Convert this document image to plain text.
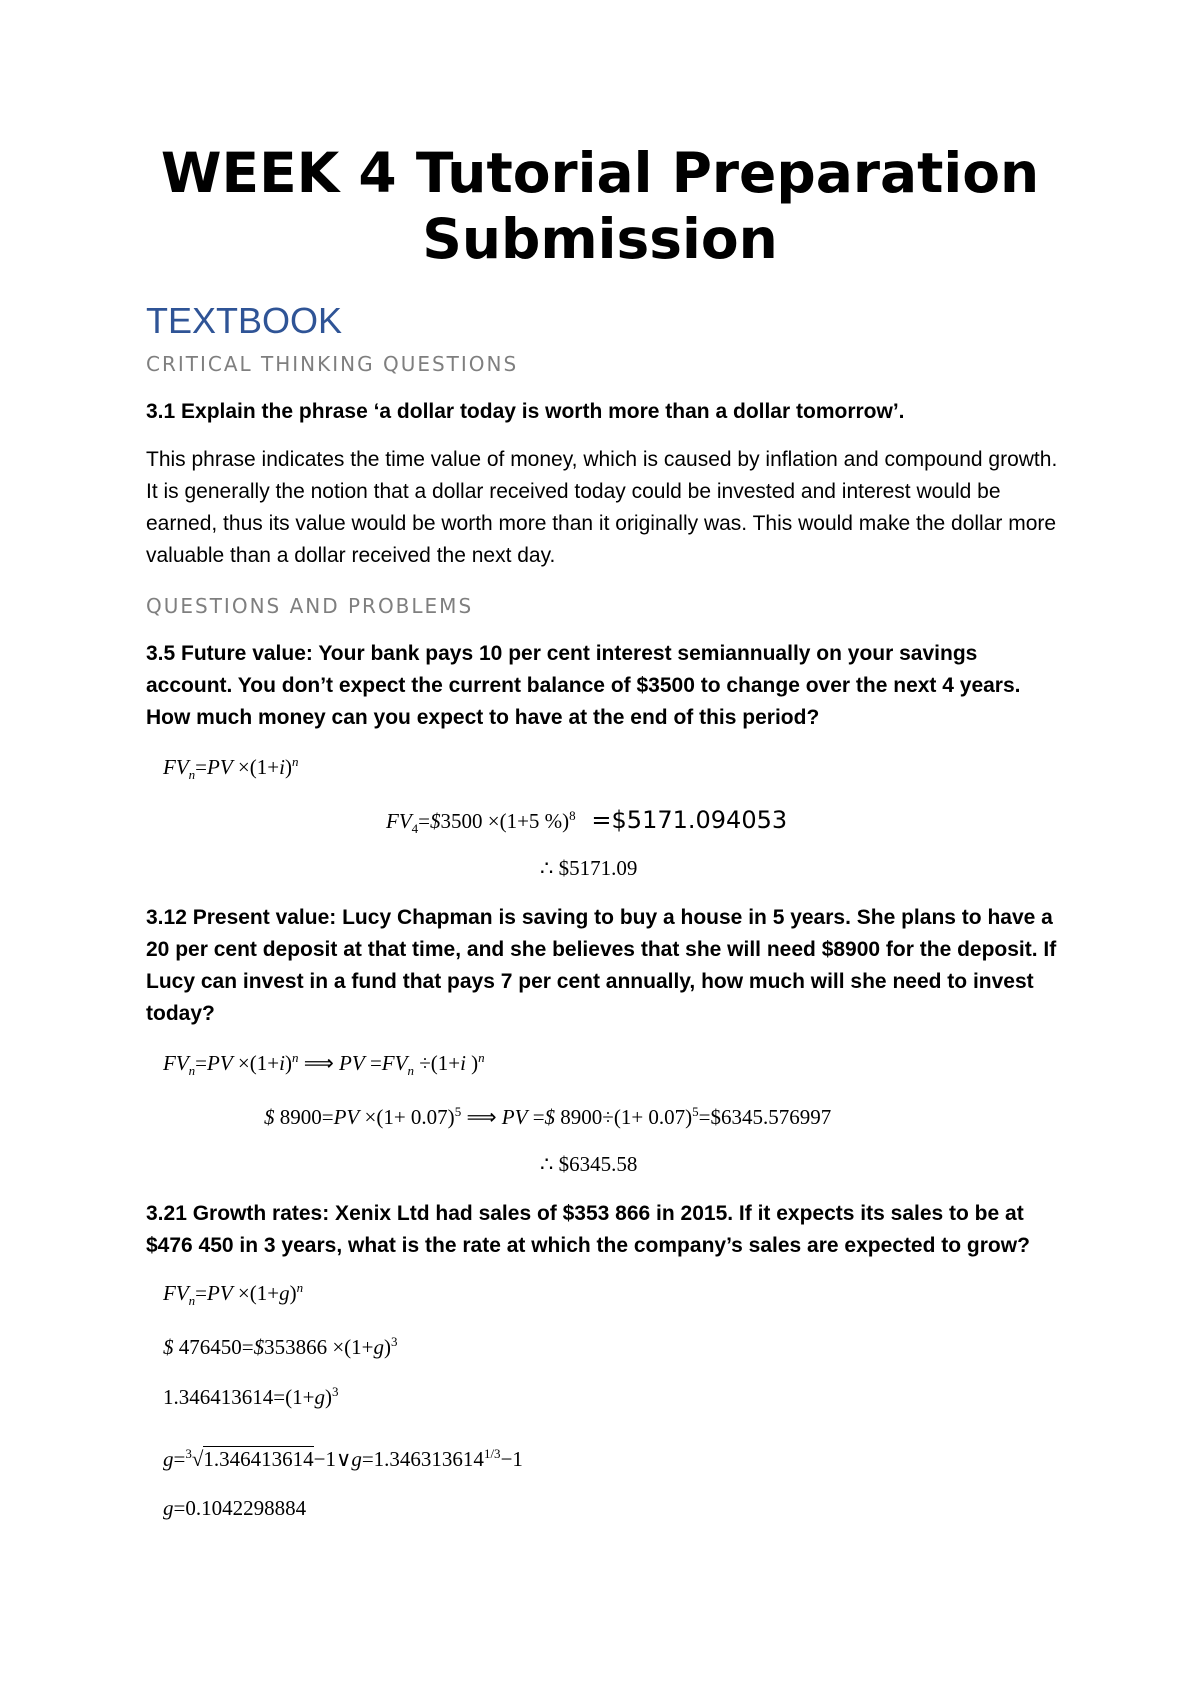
WEEK 4 Tutorial Preparation Submission
TEXTBOOK
CRITICAL THINKING QUESTIONS
3.1 Explain the phrase ‘a dollar today is worth more than a dollar tomorrow’.
This phrase indicates the time value of money, which is caused by inflation and compound growth. It is generally the notion that a dollar received today could be invested and interest would be earned, thus its value would be worth more than it originally was. This would make the dollar more valuable than a dollar received the next day.
QUESTIONS AND PROBLEMS
3.5 Future value: Your bank pays 10 per cent interest semiannually on your savings account. You don’t expect the current balance of $3500 to change over the next 4 years. How much money can you expect to have at the end of this period?
$FV_n=PV \times(1+i)^n$
$FV_4=\$3500 \times(1+5$ %)$^8$ =$5171.094053
∴ $5171.09
3.12 Present value: Lucy Chapman is saving to buy a house in 5 years. She plans to have a 20 per cent deposit at that time, and she believes that she will need $8900 for the deposit. If Lucy can invest in a fund that pays 7 per cent annually, how much will she need to invest today?
$FV_n=PV \times(1+i)^n$ ⟹ PV $=FV_n \div(1+i$ )$^n$
$ $8900=PV \times(1+ 0.07)^5$ ⟹ PV =$ $8900\div(1+ 0.07)^5=\$6345.576997$
∴ $6345.58
3.21 Growth rates: Xenix Ltd had sales of $353 866 in 2015. If it expects its sales to be at $476 450 in 3 years, what is the rate at which the company’s sales are expected to grow?
$FV_n=PV \times(1+g)^n$
$ 476450=$353866 $\times(1+g)^3$
$1.346413614=(1+g)^3$
$g=^3√1.346413614-1\vee g=1.346313614^{1/3}-1$
g=0.1042298884
